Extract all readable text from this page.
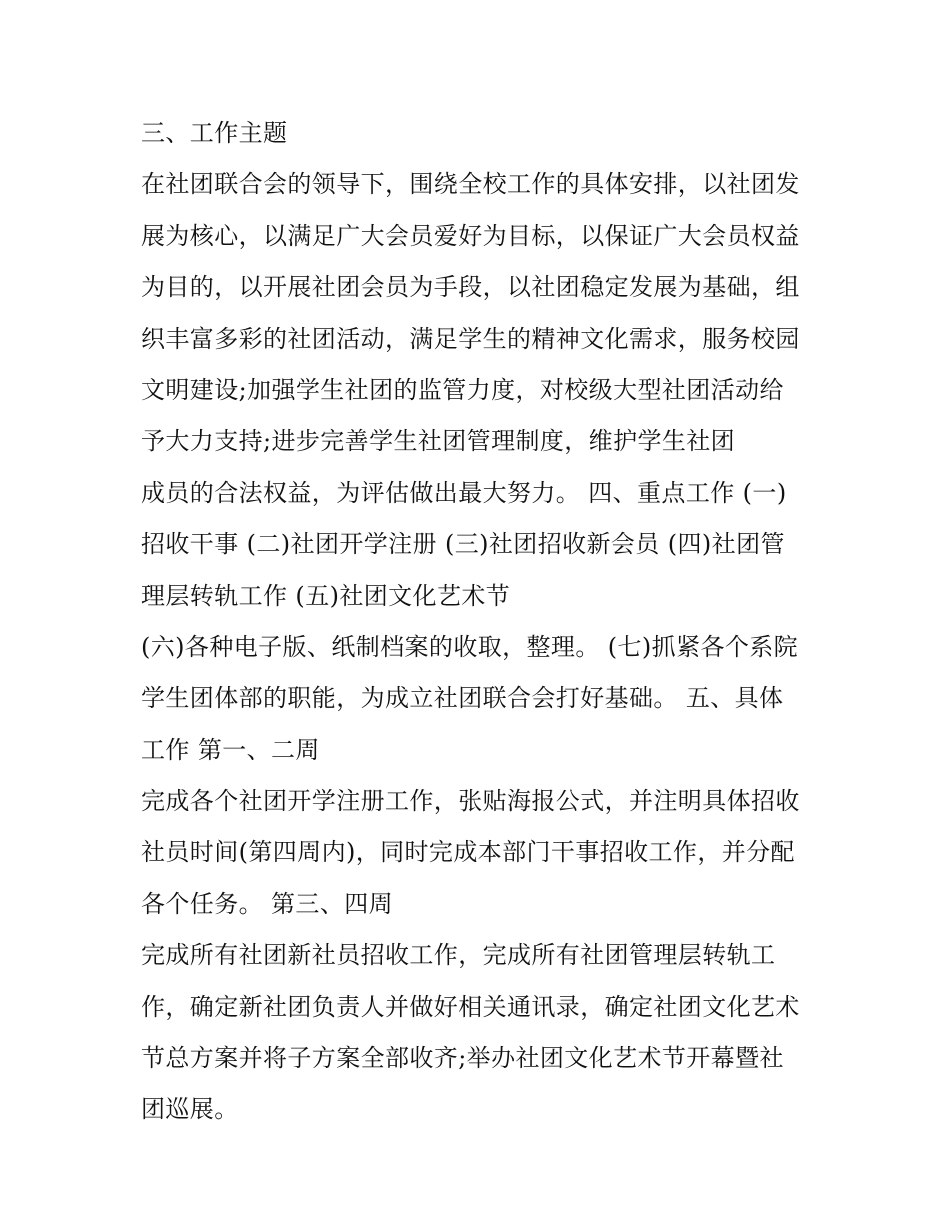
三、工作主题
在社团联合会的领导下，围绕全校工作的具体安排，以社团发
展为核心，以满足广大会员爱好为目标，以保证广大会员权益
为目的，以开展社团会员为手段，以社团稳定发展为基础，组
织丰富多彩的社团活动，满足学生的精神文化需求，服务校园
文明建设;加强学生社团的监管力度，对校级大型社团活动给
予大力支持;进步完善学生社团管理制度，维护学生社团
成员的合法权益，为评估做出最大努力。 四、重点工作 (一)
招收干事 (二)社团开学注册 (三)社团招收新会员 (四)社团管
理层转轨工作 (五)社团文化艺术节
(六)各种电子版、纸制档案的收取，整理。 (七)抓紧各个系院
学生团体部的职能，为成立社团联合会打好基础。 五、具体
工作 第一、二周
完成各个社团开学注册工作，张贴海报公式，并注明具体招收
社员时间(第四周内)，同时完成本部门干事招收工作，并分配
各个任务。 第三、四周
完成所有社团新社员招收工作，完成所有社团管理层转轨工
作，确定新社团负责人并做好相关通讯录，确定社团文化艺术
节总方案并将子方案全部收齐;举办社团文化艺术节开幕暨社
团巡展。
